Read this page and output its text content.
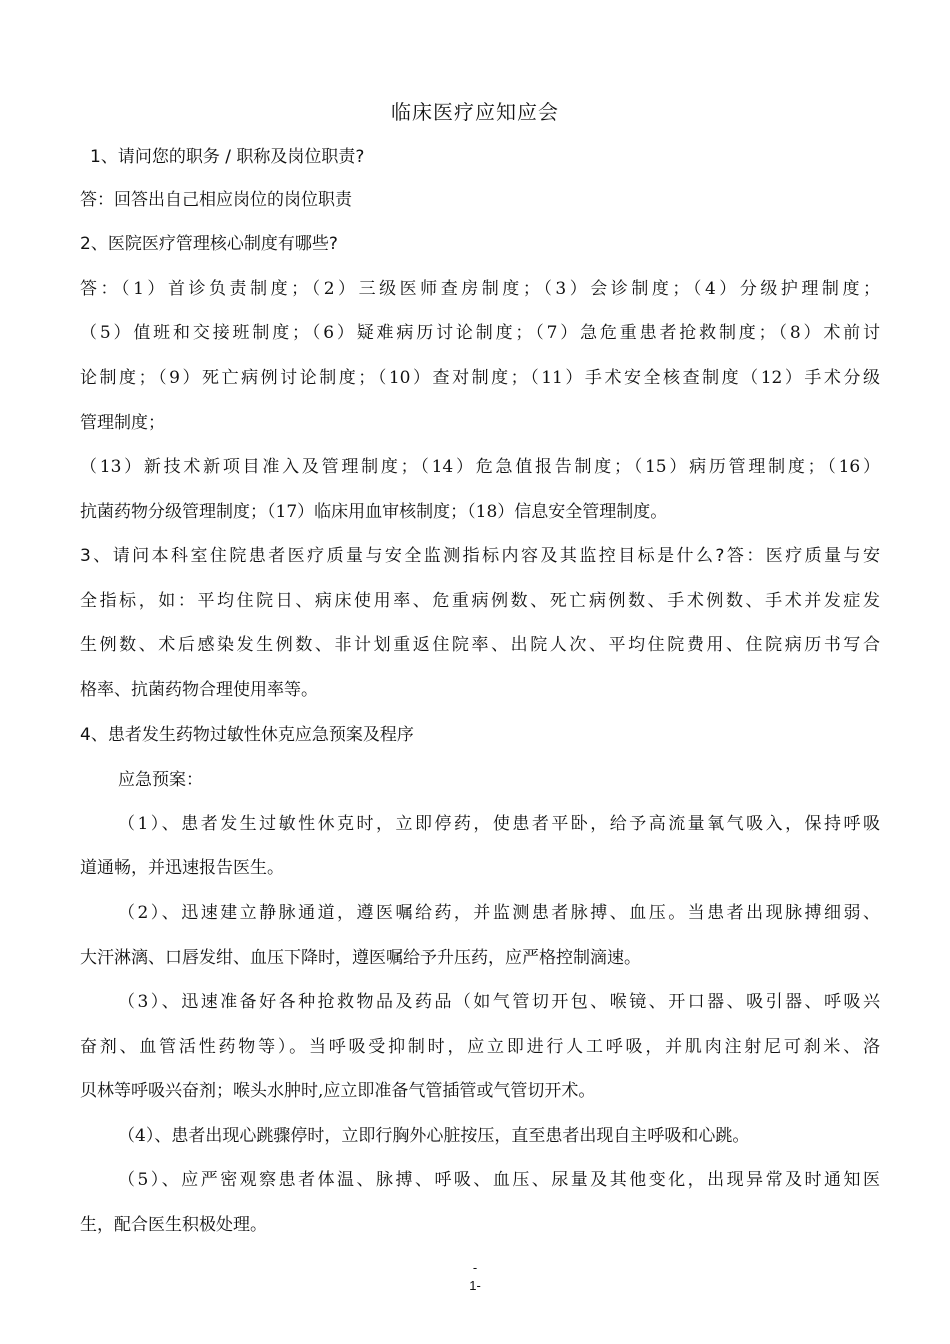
临床医疗应知应会
1、请问您的职务 / 职称及岗位职责?
答：回答出自己相应岗位的岗位职责
2、医院医疗管理核心制度有哪些?
答：（1）首诊负责制度；（2）三级医师查房制度；（3）会诊制度；（4）分级护理制度；
（5）值班和交接班制度；（6）疑难病历讨论制度；（7）急危重患者抢救制度；（8）术前讨
论制度；（9）死亡病例讨论制度；（10）查对制度；（11）手术安全核查制度（12）手术分级
管理制度；
（13）新技术新项目准入及管理制度；（14）危急值报告制度；（15）病历管理制度；（16）
抗菌药物分级管理制度；（17）临床用血审核制度；（18）信息安全管理制度。
3、请问本科室住院患者医疗质量与安全监测指标内容及其监控目标是什么?答：医疗质量与安
全指标，如：平均住院日、病床使用率、危重病例数、死亡病例数、手术例数、手术并发症发
生例数、术后感染发生例数、非计划重返住院率、出院人次、平均住院费用、住院病历书写合
格率、抗菌药物合理使用率等。
4、患者发生药物过敏性休克应急预案及程序
应急预案：
（1）、患者发生过敏性休克时，立即停药，使患者平卧，给予高流量氧气吸入，保持呼吸
道通畅，并迅速报告医生。
（2）、迅速建立静脉通道，遵医嘱给药，并监测患者脉搏、血压。当患者出现脉搏细弱、
大汗淋漓、口唇发绀、血压下降时，遵医嘱给予升压药，应严格控制滴速。
（3）、迅速准备好各种抢救物品及药品（如气管切开包、喉镜、开口器、吸引器、呼吸兴
奋剂、血管活性药物等）。当呼吸受抑制时，应立即进行人工呼吸，并肌肉注射尼可刹米、洛
贝林等呼吸兴奋剂；喉头水肿时,应立即准备气管插管或气管切开术。
（4）、患者出现心跳骤停时，立即行胸外心脏按压，直至患者出现自主呼吸和心跳。
（5）、应严密观察患者体温、脉搏、呼吸、血压、尿量及其他变化，出现异常及时通知医
生，配合医生积极处理。
-
1-
